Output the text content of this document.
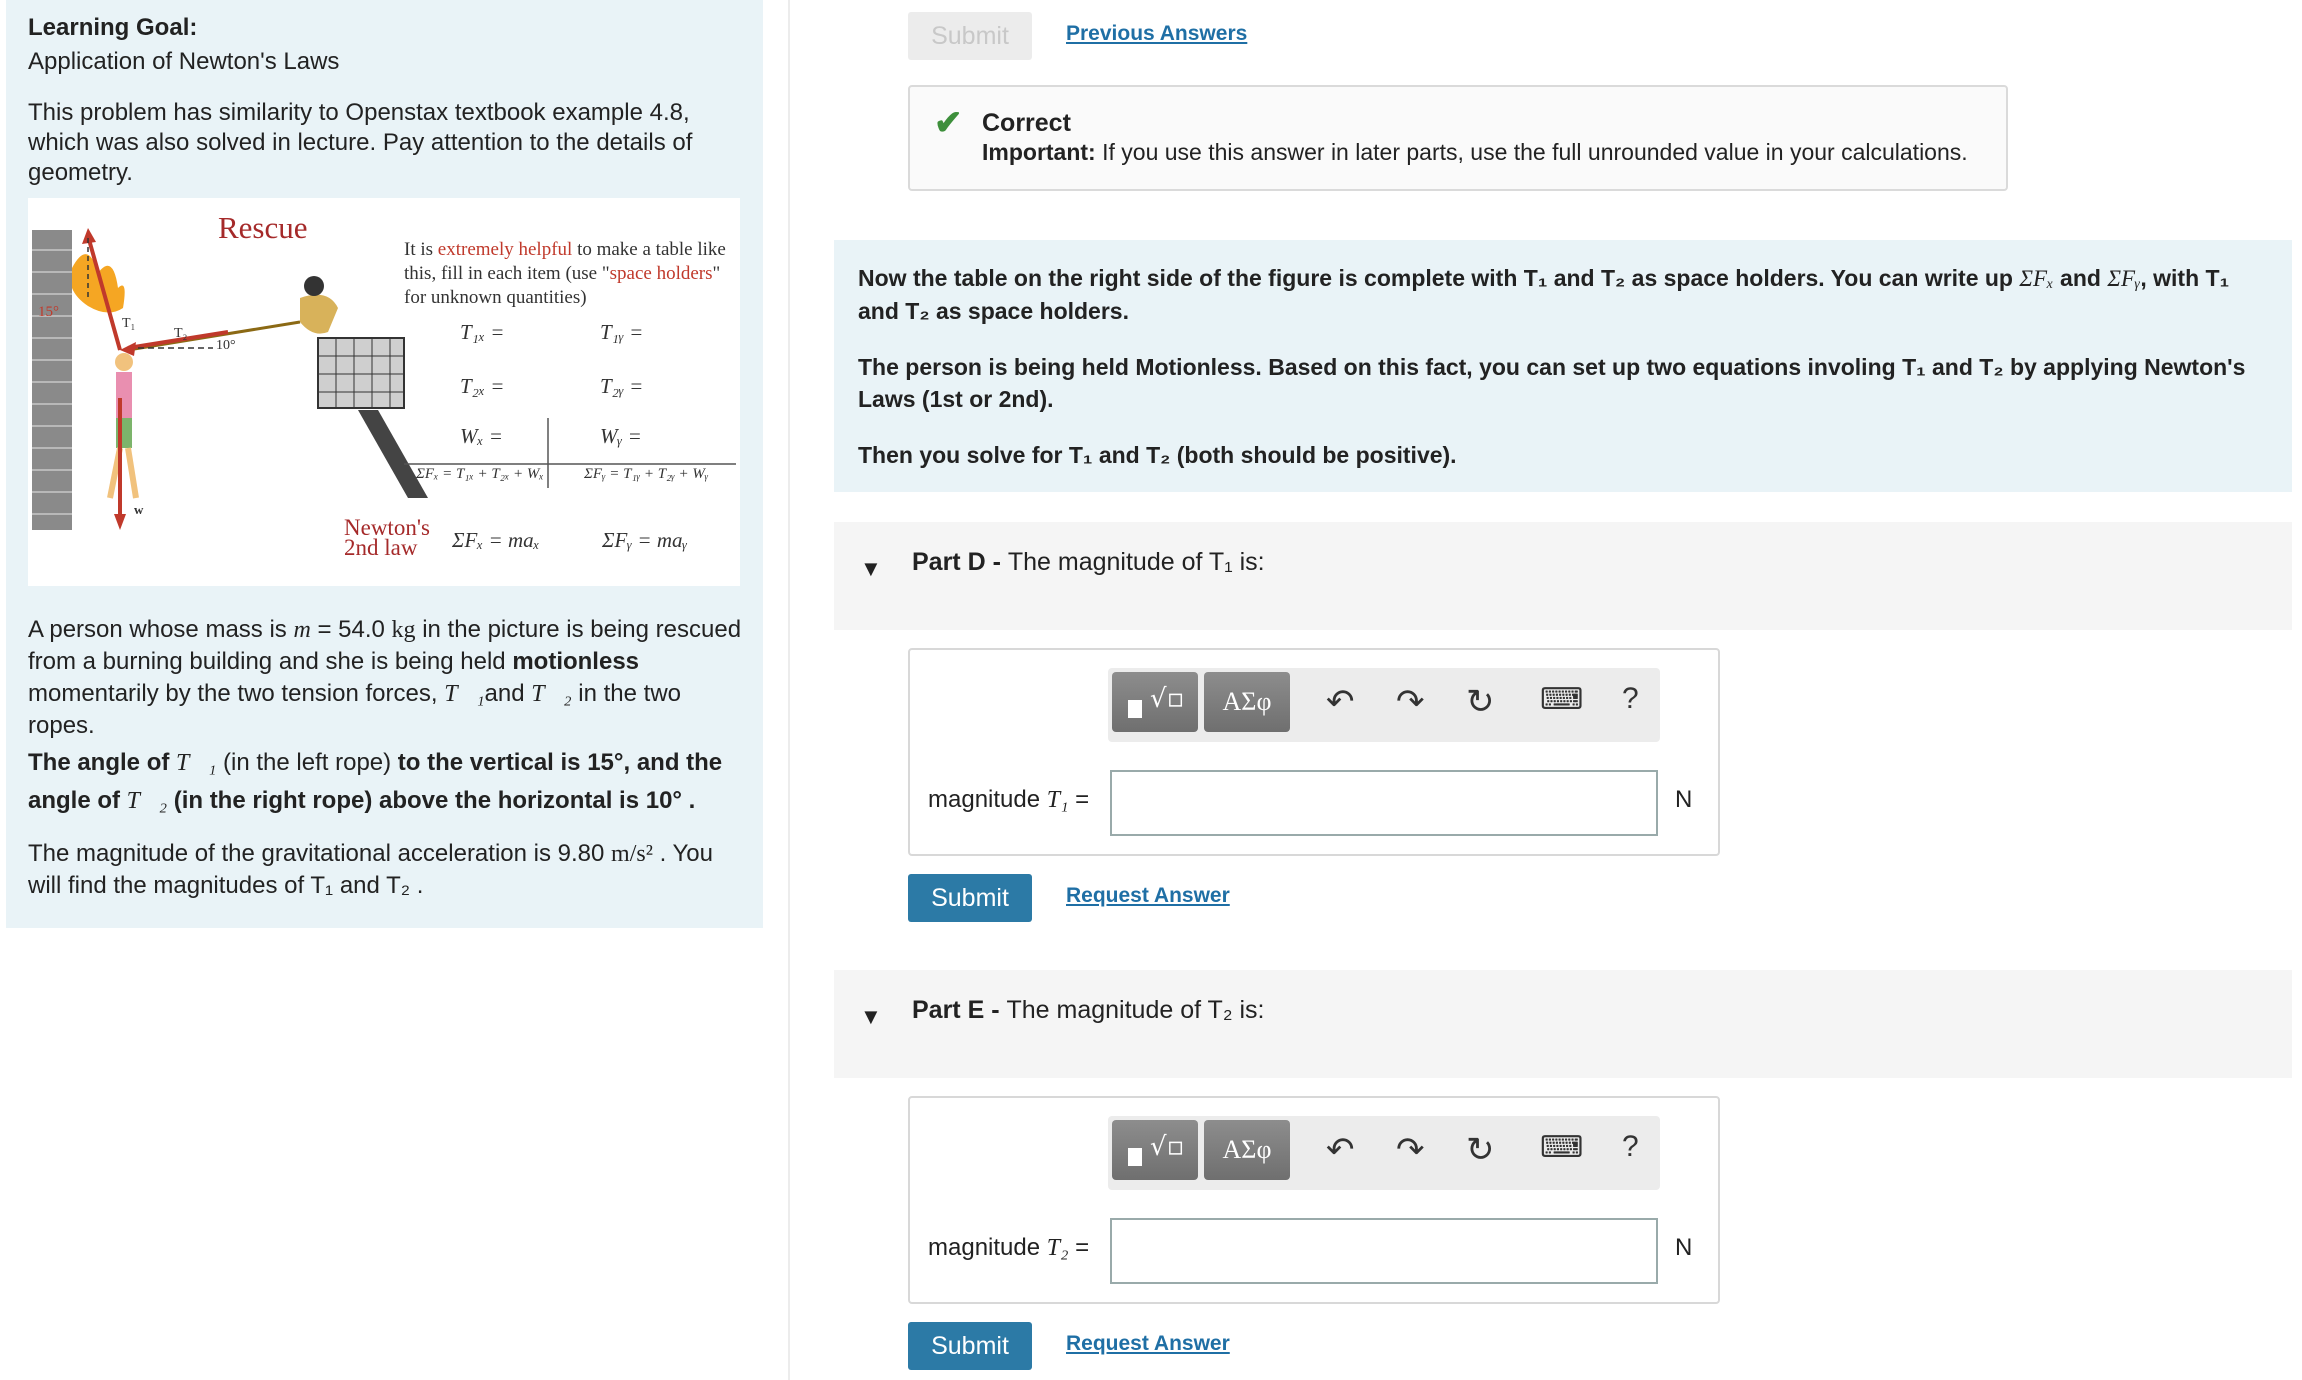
Learning Goal:
Application of Newton's Laws
This problem has similarity to Openstax textbook example 4.8, which was also solved in lecture. Pay attention to the details of geometry.
Rescue
It is extremely helpful to make a table like this, fill in each item (use "space holders" for unknown quantities)
15°
T₁
T₂
10°
w
T₁ₓ =	T₁ᵧ =
T₂ₓ =	T₂ᵧ =
Wₓ =	Wᵧ =
ΣFₓ = T₁ₓ + T₂ₓ + Wₓ	ΣFᵧ = T₁ᵧ + T₂ᵧ + Wᵧ
Newton's
2nd law	ΣFₓ = maₓ	ΣFᵧ = maᵧ
A person whose mass is m = 54.0 kg in the picture is being rescued from a burning building and she is being held motionless momentarily by the two tension forces, T⃗₁and T⃗₂ in the two ropes.
The angle of T⃗₁ (in the left rope) to the vertical is 15°, and the angle of T⃗₂ (in the right rope) above the horizontal is 10° .
The magnitude of the gravitational acceleration is 9.80 m/s² . You will find the magnitudes of T₁ and T₂ .
Submit	Previous Answers
✔ Correct
Important: If you use this answer in later parts, use the full unrounded value in your calculations.

Now the table on the right side of the figure is complete with T₁ and T₂ as space holders. You can write up ΣFₓ and ΣFᵧ, with T₁ and T₂ as space holders.

The person is being held Motionless. Based on this fact, you can set up two equations involing T₁ and T₂ by applying Newton's Laws (1st or 2nd).

Then you solve for T₁ and T₂ (both should be positive).

▼ Part D - The magnitude of T₁ is:
√▫	ΑΣφ	↶ ↷ ↻ ⌨ ?
magnitude T₁ =	N
Submit	Request Answer
▼ Part E - The magnitude of T₂ is:
√▫	ΑΣφ	↶ ↷ ↻ ⌨ ?
magnitude T₂ =	N
Submit	Request Answer
